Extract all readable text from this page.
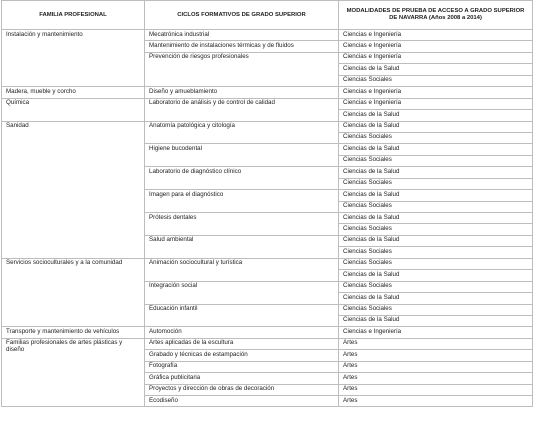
FAMILIA PROFESIONAL	CICLOS FORMATIVOS DE GRADO SUPERIOR	MODALIDADES DE PRUEBA DE ACCESO A GRADO SUPERIOR DE NAVARRA (Años 2008 a 2014)
Instalación y mantenimiento	Mecatrónica industrial	Ciencias e Ingeniería
	Mantenimiento de instalaciones térmicas y de fluidos	Ciencias e Ingeniería
	Prevención de riesgos profesionales	Ciencias e Ingeniería
		Ciencias de la Salud
		Ciencias Sociales
Madera, mueble y corcho	Diseño y amueblamiento	Ciencias e Ingeniería
Química	Laboratorio de análisis y de control de calidad	Ciencias e Ingeniería
		Ciencias de la Salud
Sanidad	Anatomía patológica y citología	Ciencias de la Salud
		Ciencias Sociales
	Higiene bucodental	Ciencias de la Salud
		Ciencias Sociales
	Laboratorio de diagnóstico clínico	Ciencias de la Salud
		Ciencias Sociales
	Imagen para el diagnóstico	Ciencias de la Salud
		Ciencias Sociales
	Prótesis dentales	Ciencias de la Salud
		Ciencias Sociales
	Salud ambiental	Ciencias de la Salud
		Ciencias Sociales
Servicios socioculturales y a la comunidad	Animación sociocultural y turística	Ciencias Sociales
		Ciencias de la Salud
	Integración social	Ciencias Sociales
		Ciencias de la Salud
	Educación infantil	Ciencias Sociales
		Ciencias de la Salud
Transporte y mantenimiento de vehículos	Automoción	Ciencias e Ingeniería
Familias profesionales de artes plásticas y diseño	Artes aplicadas de la escultura	Artes
	Grabado y técnicas de estampación	Artes
	Fotografía	Artes
	Gráfica publicitaria	Artes
	Proyectos y dirección de obras de decoración	Artes
	Ecodiseño	Artes
